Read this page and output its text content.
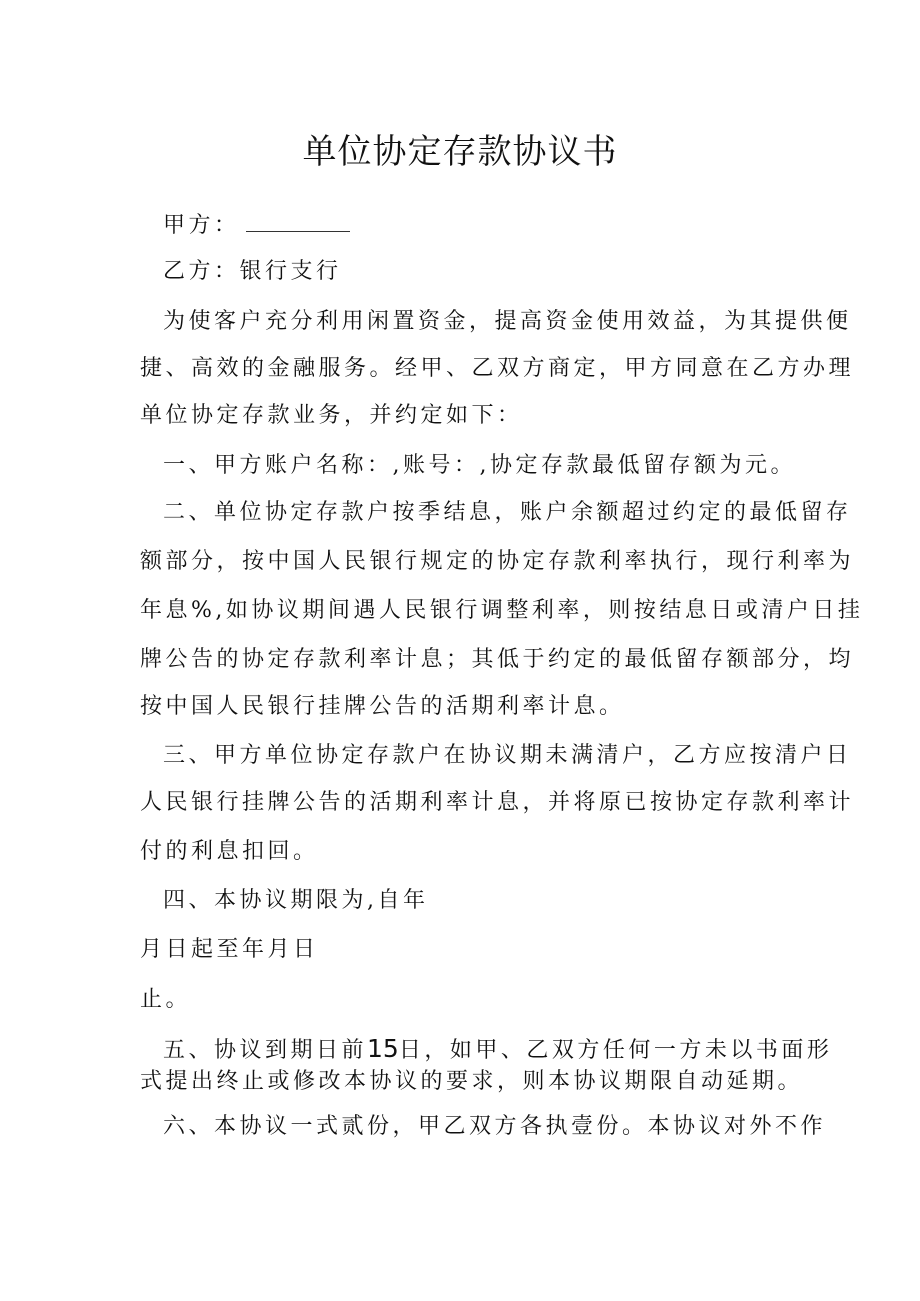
单位协定存款协议书
甲方：
乙方：银行支行
为使客户充分利用闲置资金，提高资金使用效益，为其提供便
捷、高效的金融服务。经甲、乙双方商定，甲方同意在乙方办理
单位协定存款业务，并约定如下：
一、甲方账户名称：,账号：,协定存款最低留存额为元。
二、单位协定存款户按季结息，账户余额超过约定的最低留存
额部分，按中国人民银行规定的协定存款利率执行，现行利率为
年息%,如协议期间遇人民银行调整利率，则按结息日或清户日挂
牌公告的协定存款利率计息；其低于约定的最低留存额部分，均
按中国人民银行挂牌公告的活期利率计息。
三、甲方单位协定存款户在协议期未满清户，乙方应按清户日
人民银行挂牌公告的活期利率计息，并将原已按协定存款利率计
付的利息扣回。
四、本协议期限为,自年
月日起至年月日
止。
五、协议到期日前15日，如甲、乙双方任何一方未以书面形
式提出终止或修改本协议的要求，则本协议期限自动延期。
六、本协议一式贰份，甲乙双方各执壹份。本协议对外不作
